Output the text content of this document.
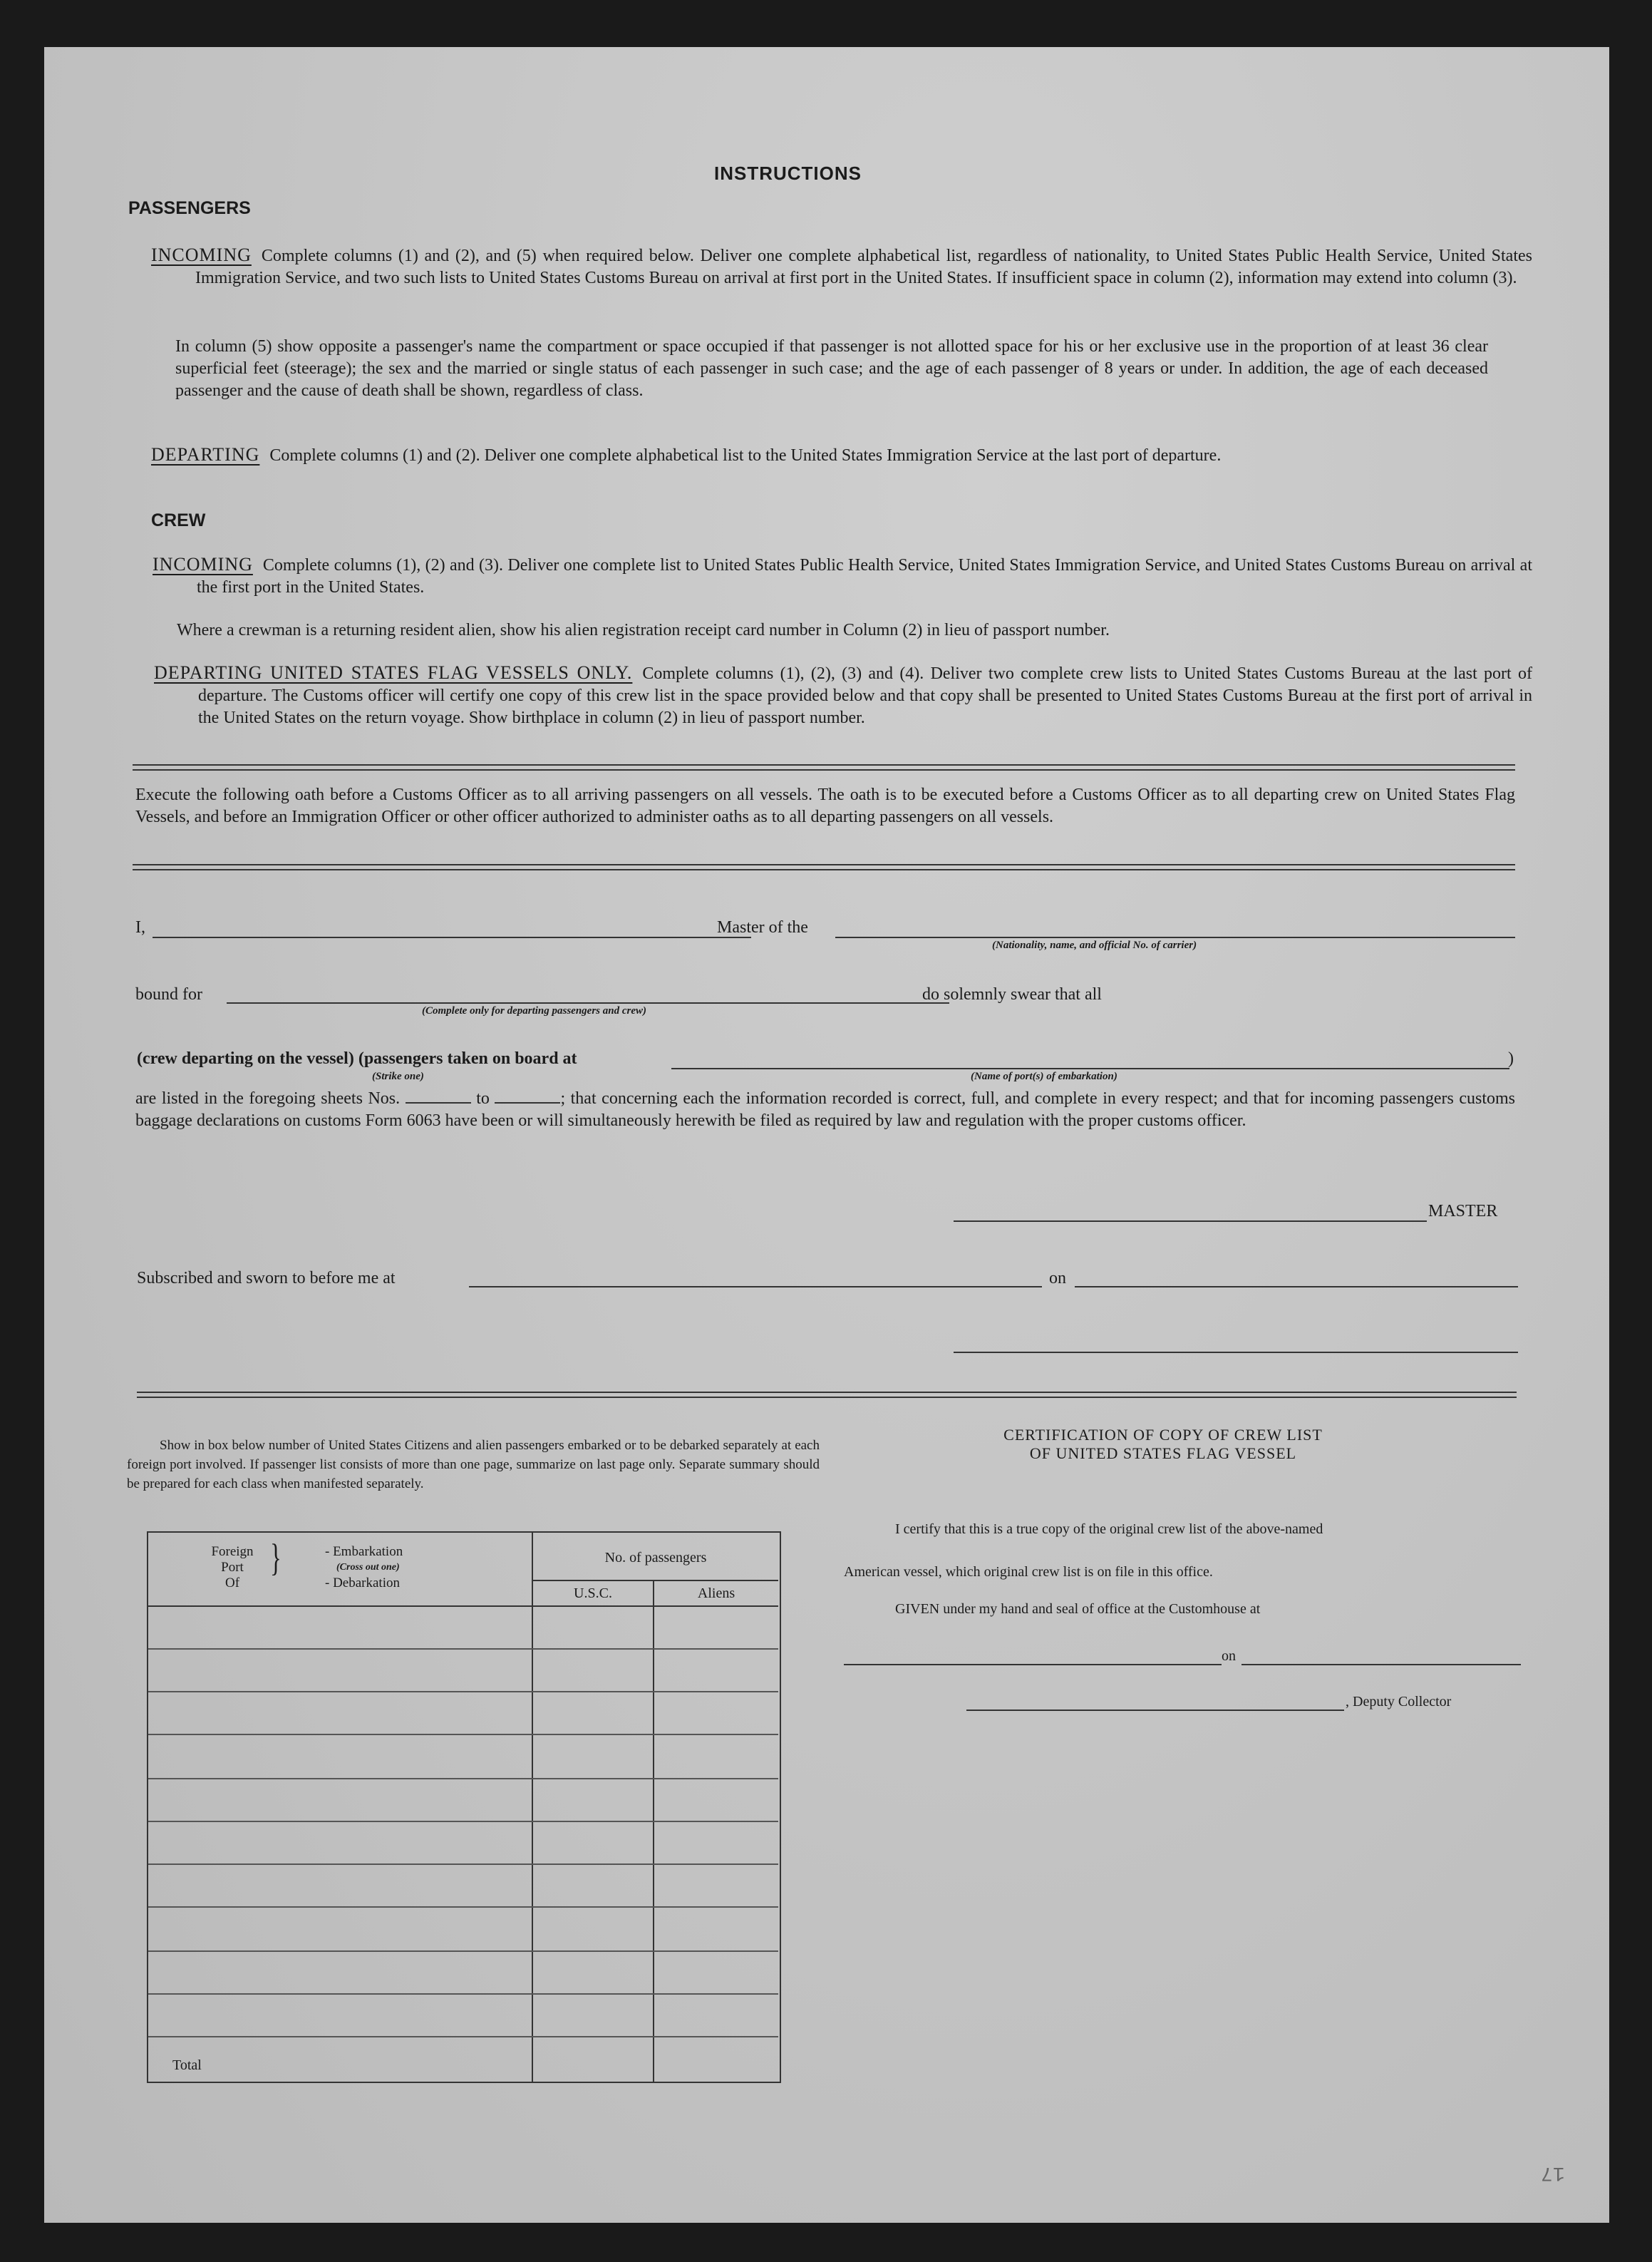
INSTRUCTIONS
PASSENGERS
INCOMING Complete columns (1) and (2), and (5) when required below. Deliver one complete alphabetical list, regardless of nationality, to United States Public Health Service, United States Immigration Service, and two such lists to United States Customs Bureau on arrival at first port in the United States. If insufficient space in column (2), information may extend into column (3).
In column (5) show opposite a passenger's name the compartment or space occupied if that passenger is not allotted space for his or her exclusive use in the proportion of at least 36 clear superficial feet (steerage); the sex and the married or single status of each passenger in such case; and the age of each passenger of 8 years or under. In addition, the age of each deceased passenger and the cause of death shall be shown, regardless of class.
DEPARTING Complete columns (1) and (2). Deliver one complete alphabetical list to the United States Immigration Service at the last port of departure.
CREW
INCOMING Complete columns (1), (2) and (3). Deliver one complete list to United States Public Health Service, United States Immigration Service, and United States Customs Bureau on arrival at the first port in the United States.
Where a crewman is a returning resident alien, show his alien registration receipt card number in Column (2) in lieu of passport number.
DEPARTING UNITED STATES FLAG VESSELS ONLY. Complete columns (1), (2), (3) and (4). Deliver two complete crew lists to United States Customs Bureau at the last port of departure. The Customs officer will certify one copy of this crew list in the space provided below and that copy shall be presented to United States Customs Bureau at the first port of arrival in the United States on the return voyage. Show birthplace in column (2) in lieu of passport number.
Execute the following oath before a Customs Officer as to all arriving passengers on all vessels. The oath is to be executed before a Customs Officer as to all departing crew on United States Flag Vessels, and before an Immigration Officer or other officer authorized to administer oaths as to all departing passengers on all vessels.
I,	Master of the
(Nationality, name, and official No. of carrier)
bound for
(Complete only for departing passengers and crew)
do solemnly swear that all
(crew departing on the vessel) (passengers taken on board at
(Strike one)	(Name of port(s) of embarkation)
)
are listed in the foregoing sheets Nos.	to	; that concerning each the information recorded is correct, full, and complete in every respect; and that for incoming passengers customs baggage declarations on customs Form 6063 have been or will simultaneously herewith be filed as required by law and regulation with the proper customs officer.
MASTER
Subscribed and sworn to before me at	on
Show in box below number of United States Citizens and alien passengers embarked or to be debarked separately at each foreign port involved. If passenger list consists of more than one page, summarize on last page only. Separate summary should be prepared for each class when manifested separately.
Foreign
Port
Of
}	- Embarkation
(Cross out one)
- Debarkation
No. of passengers
U.S.C.	Aliens
Total
CERTIFICATION OF COPY OF CREW LIST
OF UNITED STATES FLAG VESSEL
I certify that this is a true copy of the original crew list of the above-named
American vessel, which original crew list is on file in this office.
GIVEN under my hand and seal of office at the Customhouse at
on
, Deputy Collector
17
